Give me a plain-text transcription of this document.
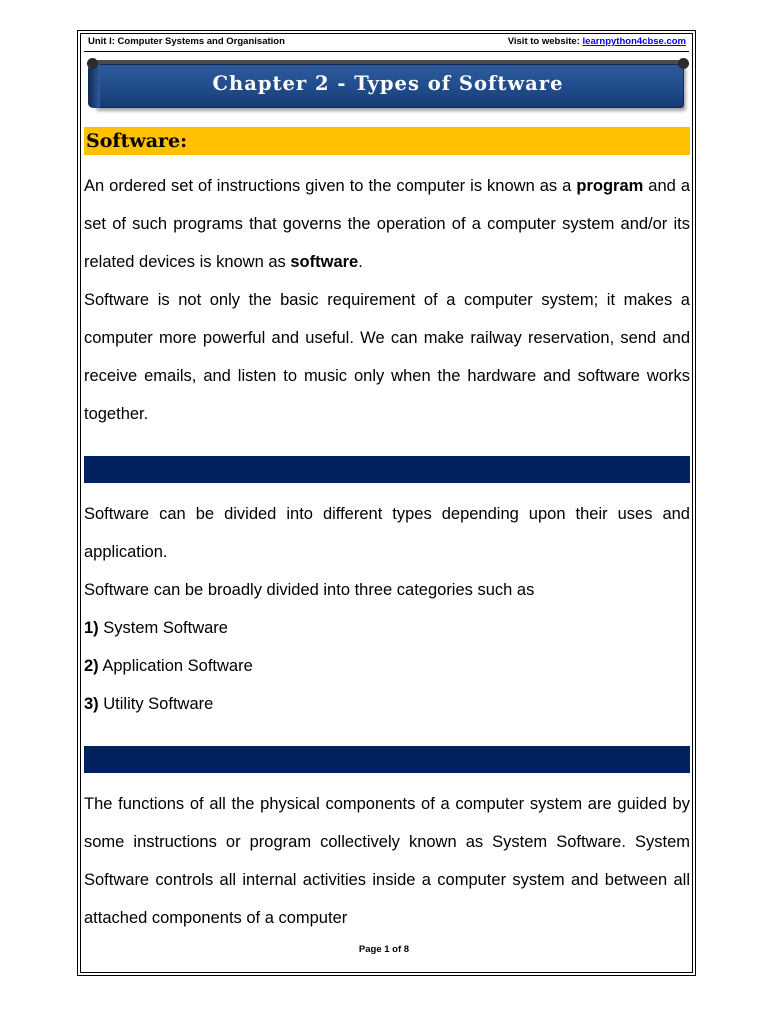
Unit I: Computer Systems and Organisation	Visit to website: learnpython4cbse.com
Chapter 2 - Types of Software
Software:

An ordered set of instructions given to the computer is known as a program and a set of such programs that governs the operation of a computer system and/or its related devices is known as software.

Software is not only the basic requirement of a computer system; it makes a computer more powerful and useful. We can make railway reservation, send and receive emails, and listen to music only when the hardware and software works together.

Software can be divided into different types depending upon their uses and application.

Software can be broadly divided into three categories such as

1) System Software
2) Application Software
3) Utility Software

The functions of all the physical components of a computer system are guided by some instructions or program collectively known as System Software. System Software controls all internal activities inside a computer system and between all attached components of a computer

Page 1 of 8
